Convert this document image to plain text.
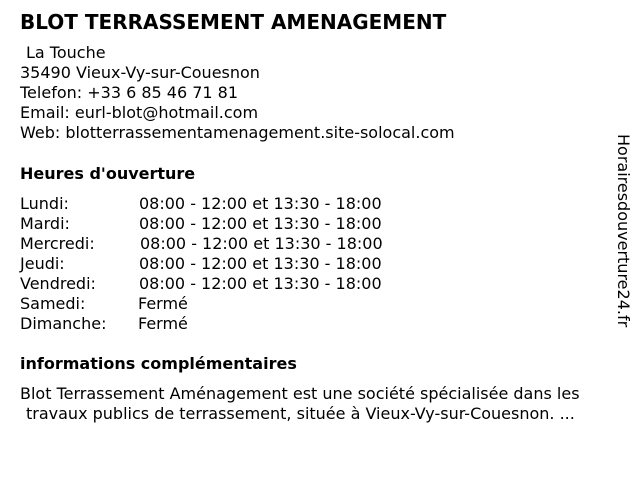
BLOT TERRASSEMENT AMENAGEMENT
La Touche
35490 Vieux-Vy-sur-Couesnon
Telefon: +33 6 85 46 71 81
Email: eurl-blot@hotmail.com
Web: blotterrassementamenagement.site-solocal.com
Heures d'ouverture
Lundi:	08:00 - 12:00 et 13:30 - 18:00
Mardi:	08:00 - 12:00 et 13:30 - 18:00
Mercredi:	08:00 - 12:00 et 13:30 - 18:00
Jeudi:	08:00 - 12:00 et 13:30 - 18:00
Vendredi:	08:00 - 12:00 et 13:30 - 18:00
Samedi:	Fermé
Dimanche:	Fermé
informations complémentaires
Blot Terrassement Aménagement est une société spécialisée dans les
travaux publics de terrassement, située à Vieux-Vy-sur-Couesnon. ...
Horairesdouverture24.fr
